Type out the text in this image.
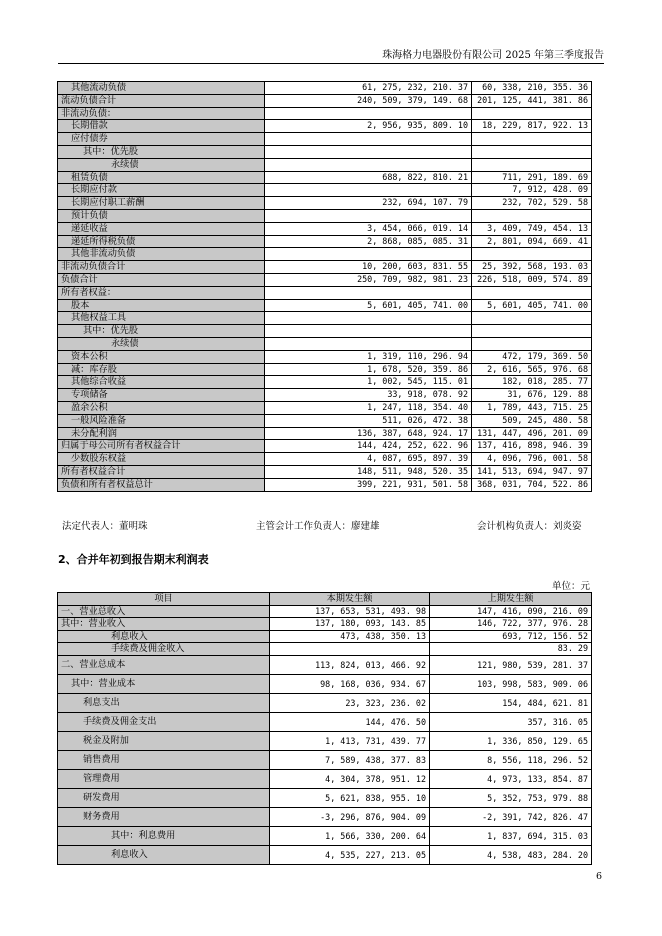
珠海格力电器股份有限公司 2025 年第三季度报告
其他流动负债	61, 275, 232, 210. 37	60, 338, 210, 355. 36
流动负债合计	240, 509, 379, 149. 68	201, 125, 441, 381. 86
非流动负债：		
长期借款	2, 956, 935, 809. 10	18, 229, 817, 922. 13
应付债券		
其中：优先股		
永续债		
租赁负债	688, 822, 810. 21	711, 291, 189. 69
长期应付款		7, 912, 428. 09
长期应付职工薪酬	232, 694, 107. 79	232, 702, 529. 58
预计负债		
递延收益	3, 454, 066, 019. 14	3, 409, 749, 454. 13
递延所得税负债	2, 868, 085, 085. 31	2, 801, 094, 669. 41
其他非流动负债		
非流动负债合计	10, 200, 603, 831. 55	25, 392, 568, 193. 03
负债合计	250, 709, 982, 981. 23	226, 518, 009, 574. 89
所有者权益：		
股本	5, 601, 405, 741. 00	5, 601, 405, 741. 00
其他权益工具		
其中：优先股		
永续债		
资本公积	1, 319, 110, 296. 94	472, 179, 369. 50
减：库存股	1, 678, 520, 359. 86	2, 616, 565, 976. 68
其他综合收益	1, 002, 545, 115. 01	182, 018, 285. 77
专项储备	33, 918, 078. 92	31, 676, 129. 88
盈余公积	1, 247, 118, 354. 40	1, 789, 443, 715. 25
一般风险准备	511, 026, 472. 38	509, 245, 480. 58
未分配利润	136, 387, 648, 924. 17	131, 447, 496, 201. 09
归属于母公司所有者权益合计	144, 424, 252, 622. 96	137, 416, 898, 946. 39
少数股东权益	4, 087, 695, 897. 39	4, 096, 796, 001. 58
所有者权益合计	148, 511, 948, 520. 35	141, 513, 694, 947. 97
负债和所有者权益总计	399, 221, 931, 501. 58	368, 031, 704, 522. 86
法定代表人：董明珠	主管会计工作负责人：廖建雄	会计机构负责人：刘炎姿
2、合并年初到报告期末利润表
单位：元
项目	本期发生额	上期发生额
一、营业总收入	137, 653, 531, 493. 98	147, 416, 090, 216. 09
其中：营业收入	137, 180, 093, 143. 85	146, 722, 377, 976. 28
利息收入	473, 438, 350. 13	693, 712, 156. 52
手续费及佣金收入		83. 29
二、营业总成本	113, 824, 013, 466. 92	121, 980, 539, 281. 37
其中：营业成本	98, 168, 036, 934. 67	103, 998, 583, 909. 06
利息支出	23, 323, 236. 02	154, 484, 621. 81
手续费及佣金支出	144, 476. 50	357, 316. 05
税金及附加	1, 413, 731, 439. 77	1, 336, 850, 129. 65
销售费用	7, 589, 438, 377. 83	8, 556, 118, 296. 52
管理费用	4, 304, 378, 951. 12	4, 973, 133, 854. 87
研发费用	5, 621, 838, 955. 10	5, 352, 753, 979. 88
财务费用	-3, 296, 876, 904. 09	-2, 391, 742, 826. 47
其中：利息费用	1, 566, 330, 200. 64	1, 837, 694, 315. 03
利息收入	4, 535, 227, 213. 05	4, 538, 483, 284. 20
6
